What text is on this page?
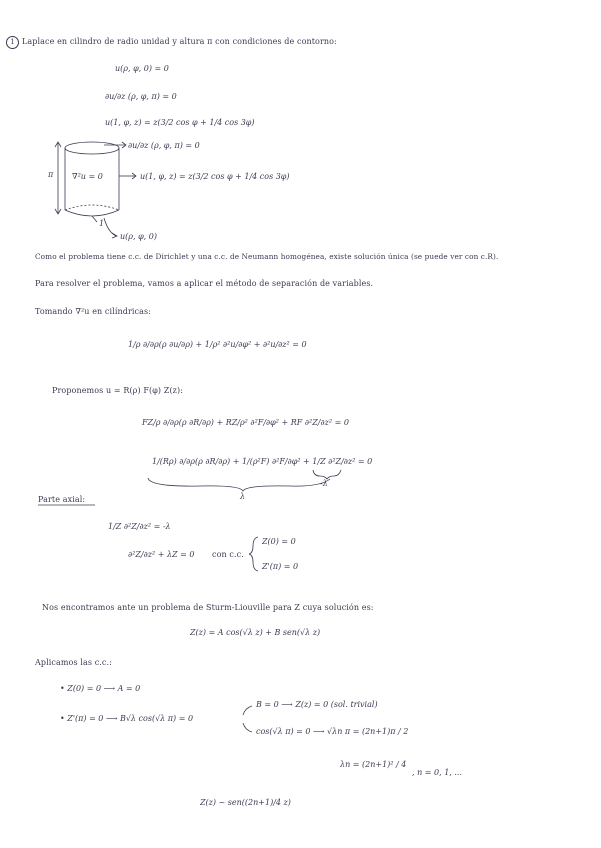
1 Laplace en cilindro de radio unidad y altura π con condiciones de contorno:
u(ρ, φ, 0) = 0
∂u/∂z (ρ, φ, π) = 0
u(1, φ, z) = z(3/2 cos φ + 1/4 cos 3φ)
π ∇²u = 0
∂u/∂z (ρ, φ, π) = 0
u(1, φ, z) = z(3/2 cos φ + 1/4 cos 3φ)
1
u(ρ, φ, 0)
Como el problema tiene c.c. de Dirichlet y una c.c. de Neumann homogénea, existe solución única (se puede ver con c.R).
Para resolver el problema, vamos a aplicar el método de separación de variables.
Tomando ∇²u en cilíndricas:
1/ρ ∂/∂ρ(ρ ∂u/∂ρ) + 1/ρ² ∂²u/∂φ² + ∂²u/∂z² = 0
Proponemos u = R(ρ) F(φ) Z(z):
FZ/ρ ∂/∂ρ(ρ ∂R/∂ρ) + RZ/ρ² ∂²F/∂φ² + RF ∂²Z/∂z² = 0
1/(Rρ) ∂/∂ρ(ρ ∂R/∂ρ) + 1/(ρ²F) ∂²F/∂φ² + 1/Z ∂²Z/∂z² = 0
λ
-λ
Parte axial:
1/Z ∂²Z/∂z² = -λ
∂²Z/∂z² + λZ = 0 con c.c.
Z(0) = 0
Z'(π) = 0
Nos encontramos ante un problema de Sturm-Liouville para Z cuya solución es:
Z(z) = A cos(√λ z) + B sen(√λ z)
Aplicamos las c.c.:
• Z(0) = 0 ⟶ A = 0
• Z'(π) = 0 ⟶ B√λ cos(√λ π) = 0
B = 0 ⟶ Z(z) = 0 (sol. trivial)
cos(√λ π) = 0 ⟶ √λn π = (2n+1)π / 2
λn = (2n+1)² / 4
, n = 0, 1, ...
Z(z) ~ sen((2n+1)/4 z)
